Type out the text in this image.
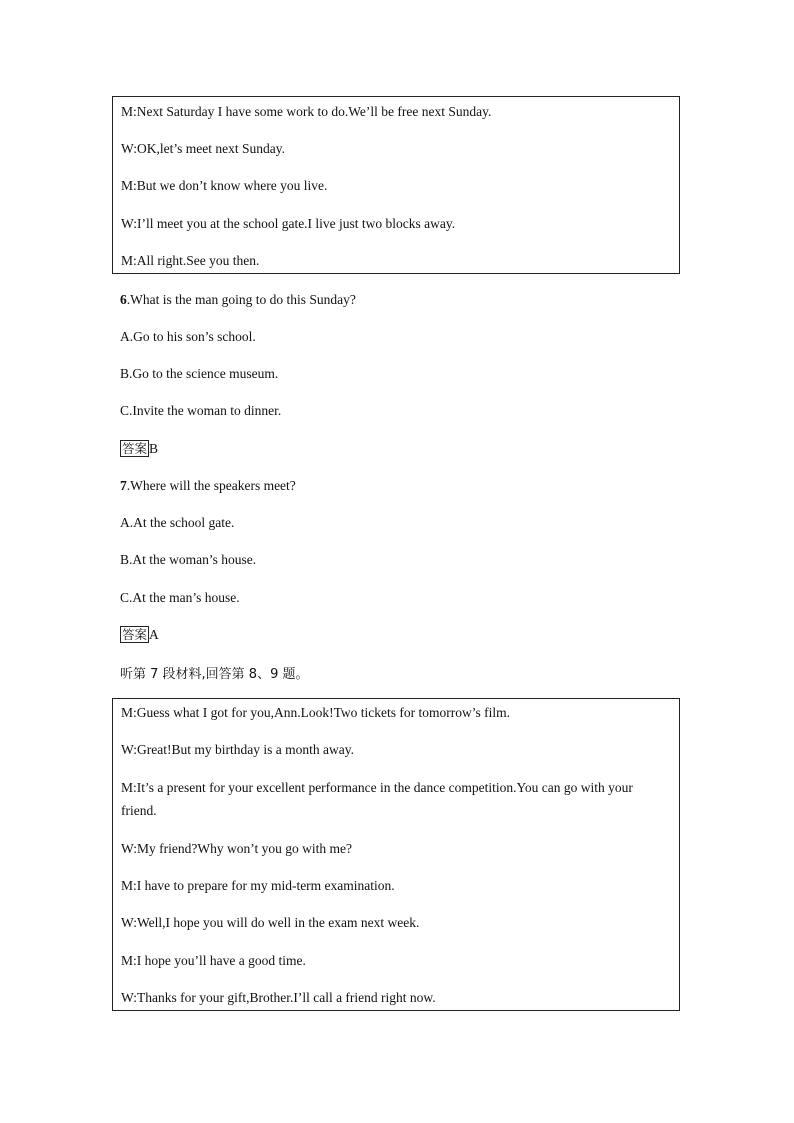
M:Next Saturday I have some work to do.We’ll be free next Sunday.

W:OK,let’s meet next Sunday.

M:But we don’t know where you live.

W:I’ll meet you at the school gate.I live just two blocks away.

M:All right.See you then.

6.What is the man going to do this Sunday?

A.Go to his son’s school.

B.Go to the science museum.

C.Invite the woman to dinner.

答案 B

7.Where will the speakers meet?

A.At the school gate.

B.At the woman’s house.

C.At the man’s house.

答案 A

听第 7 段材料,回答第 8、9 题。

M:Guess what I got for you,Ann.Look!Two tickets for tomorrow’s film.

W:Great!But my birthday is a month away.

M:It’s a present for your excellent performance in the dance competition.You can go with your friend.

W:My friend?Why won’t you go with me?

M:I have to prepare for my mid-term examination.

W:Well,I hope you will do well in the exam next week.

M:I hope you’ll have a good time.

W:Thanks for your gift,Brother.I’ll call a friend right now.
